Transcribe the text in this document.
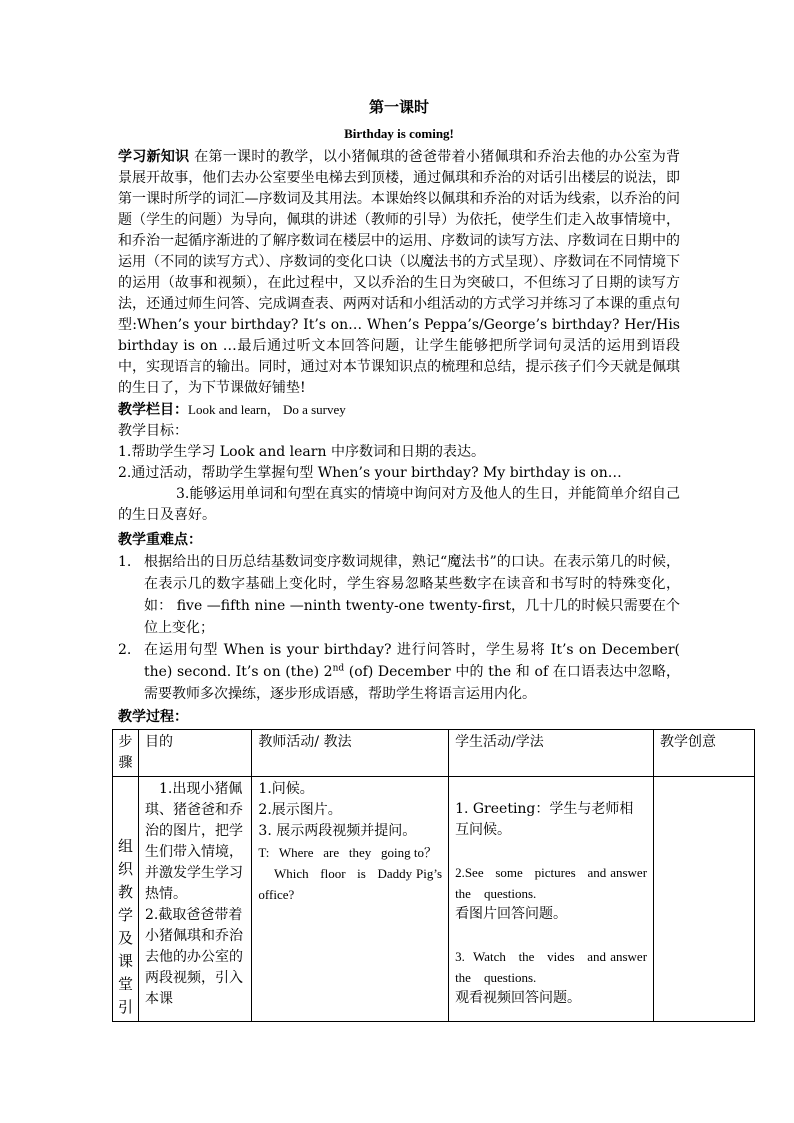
第一课时
Birthday is coming!

学习新知识 在第一课时的教学，以小猪佩琪的爸爸带着小猪佩琪和乔治去他的办公室为背景展开故事，他们去办公室要坐电梯去到顶楼，通过佩琪和乔治的对话引出楼层的说法，即第一课时所学的词汇—序数词及其用法。本课始终以佩琪和乔治的对话为线索，以乔治的问题（学生的问题）为导向，佩琪的讲述（教师的引导）为依托，使学生们走入故事情境中，和乔治一起循序渐进的了解序数词在楼层中的运用、序数词的读写方法、序数词在日期中的运用（不同的读写方式）、序数词的变化口诀（以魔法书的方式呈现）、序数词在不同情境下的运用（故事和视频），在此过程中，又以乔治的生日为突破口，不但练习了日期的读写方法，还通过师生问答、完成调查表、两两对话和小组活动的方式学习并练习了本课的重点句型:When’s your birthday? It’s on… When’s Peppa’s/George’s birthday? Her/His birthday is on …最后通过听文本回答问题，让学生能够把所学词句灵活的运用到语段中，实现语言的输出。同时，通过对本节课知识点的梳理和总结，提示孩子们今天就是佩琪的生日了，为下节课做好铺垫!

教学栏目：Look and learn， Do a survey

教学目标：

1.帮助学生学习 Look and learn 中序数词和日期的表达。

2.通过活动，帮助学生掌握句型 When’s your birthday? My birthday is on…

3.能够运用单词和句型在真实的情境中询问对方及他人的生日，并能简单介绍自己的生日及喜好。

教学重难点：

1. 根据给出的日历总结基数词变序数词规律，熟记“魔法书”的口诀。在表示第几的时候，在表示几的数字基础上变化时，学生容易忽略某些数字在读音和书写时的特殊变化，如： five —fifth nine —ninth twenty-one twenty-first，几十几的时候只需要在个位上变化；
2. 在运用句型 When is your birthday? 进行问答时，学生易将 It’s on December( the) second. It’s on (the) 2nd (of) December 中的 the 和 of 在口语表达中忽略，需要教师多次操练，逐步形成语感，帮助学生将语言运用内化。

教学过程：

步骤	目的	教师活动/ 教法	学生活动/学法	教学创意
组织教学及课堂引	1.出现小猪佩琪、猪爸爸和乔治的图片，把学生们带入情境，并激发学生学习热情。
2.截取爸爸带着小猪佩琪和乔治去他的办公室的两段视频，引入本课	1.问候。
2.展示图片。
3. 展示两段视频并提问。
T:   Where   are   they   going to？
Which   floor   is   Daddy Pig’s  office?	1. Greeting：学生与老师相互问候。
2.See   some   pictures   and answer    the    questions.
看图片回答问题。
3.  Watch   the   vides   and answer    the    questions.
观看视频回答问题。	
